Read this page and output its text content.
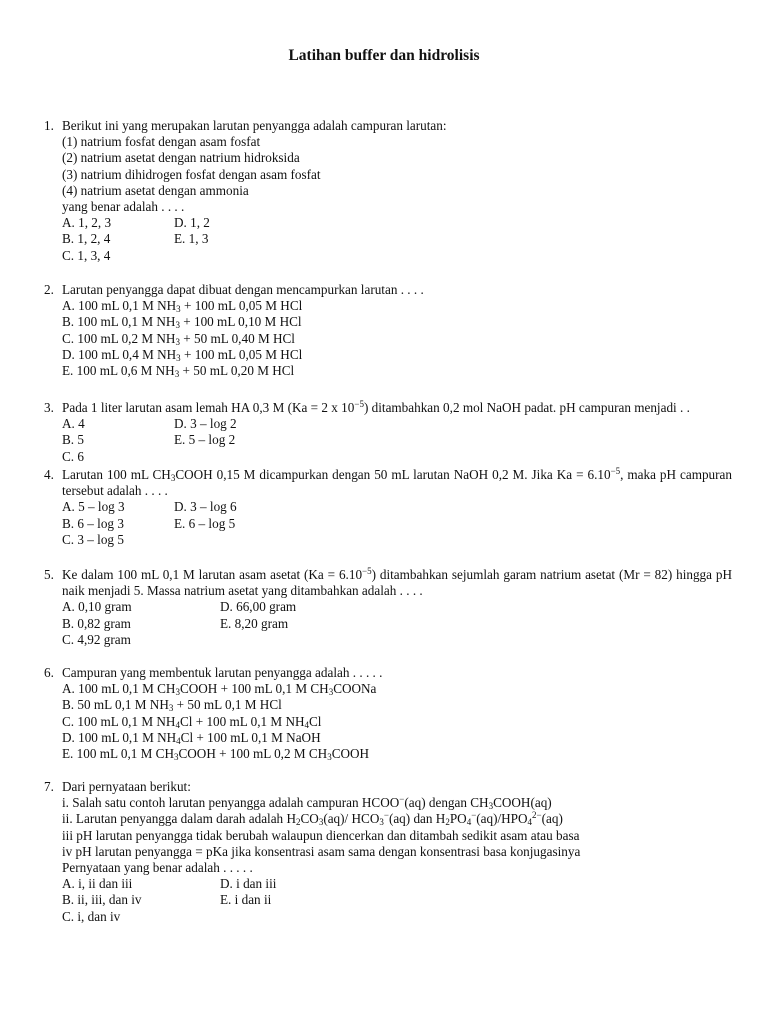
Latihan buffer dan hidrolisis
1. Berikut ini yang merupakan larutan penyangga adalah campuran larutan:
(1) natrium fosfat dengan asam fosfat
(2) natrium asetat dengan natrium hidroksida
(3) natrium dihidrogen fosfat dengan asam fosfat
(4) natrium asetat dengan ammonia
yang benar adalah . . . .
A. 1, 2, 3	D. 1, 2
B. 1, 2, 4	E. 1, 3
C. 1, 3, 4
2. Larutan penyangga dapat dibuat dengan mencampurkan larutan . . . .
A. 100 mL 0,1 M $NH_3 + 100$ mL 0,05 M HCl
B. 100 mL 0,1 M $NH_3 + 100$ mL 0,10 M HCl
C. 100 mL 0,2 M $NH_3 + 50$ mL 0,40 M HCl
D. 100 mL 0,4 M $NH_3 + 100$ mL 0,05 M HCl
E. 100 mL 0,6 M $NH_3 + 50$ mL 0,20 M HCl
3. Pada 1 liter larutan asam lemah HA 0,3 M (Ka = 2 x $10^{-5}$) ditambahkan 0,2 mol NaOH padat. pH campuran menjadi . .
A. 4	D. 3 – log 2
B. 5	E. 5 – log 2
C. 6
4. Larutan 100 mL $CH_3COOH$ 0,15 M dicampurkan dengan 50 mL larutan NaOH 0,2 M. Jika $Ka = 6.10^{-5}$, maka pH campuran tersebut adalah . . . .
A. 5 – log 3	D. 3 – log 6
B. 6 – log 3	E. 6 – log 5
C. 3 – log 5
5. Ke dalam 100 mL 0,1 M larutan asam asetat $(Ka = 6.10^{-5})$ ditambahkan sejumlah garam natrium asetat (Mr = 82) hingga pH naik menjadi 5. Massa natrium asetat yang ditambahkan adalah . . . .
A. 0,10 gram	D. 66,00 gram
B. 0,82 gram	E. 8,20 gram
C. 4,92 gram
6. Campuran yang membentuk larutan penyangga adalah . . . . .
A. 100 mL 0,1 M $CH_3COOH + 100$ mL 0,1 M $CH_3COONa$
B. 50 mL 0,1 M $NH_3 + 50$ mL 0,1 M HCl
C. 100 mL 0,1 M $NH_4Cl + 100$ mL 0,1 M $NH_4Cl$
D. 100 mL 0,1 M $NH_4Cl + 100$ mL 0,1 M NaOH
E. 100 mL 0,1 M $CH_3COOH + 100$ mL 0,2 M $CH_3COOH$
7. Dari pernyataan berikut:
i. Salah satu contoh larutan penyangga adalah campuran HCOO−(aq) dengan $CH_3COOH(aq)$
ii. Larutan penyangga dalam darah adalah $H_2CO_3(aq)/$ $HCO_3^-(aq)$ dan $H_2PO_4^-(aq)/HPO_4^{2-}(aq)$
iii pH larutan penyangga tidak berubah walaupun diencerkan dan ditambah sedikit asam atau basa
iv pH larutan penyangga = pKa jika konsentrasi asam sama dengan konsentrasi basa konjugasinya
Pernyataan yang benar adalah . . . . .
A. i, ii dan iii	D. i dan iii
B. ii, iii, dan iv	E. i dan ii
C. i, dan iv
